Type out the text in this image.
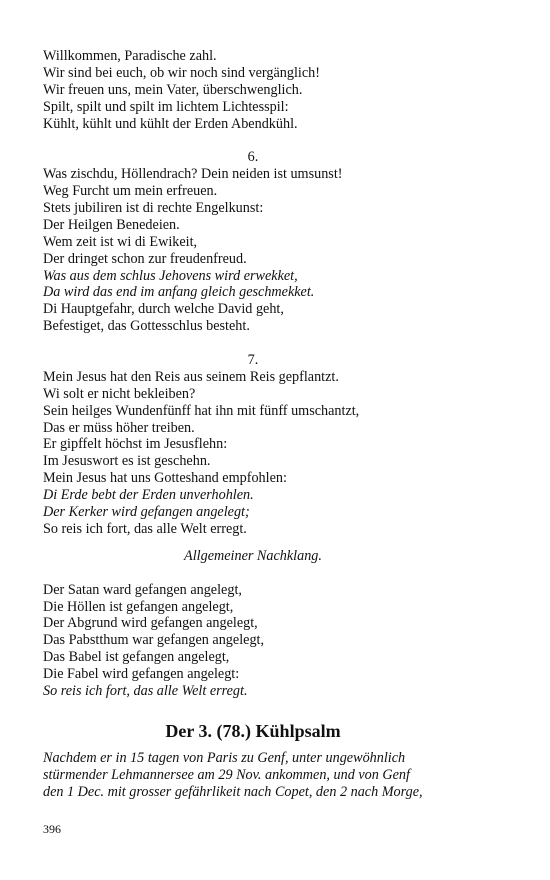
Willkommen, Paradische zahl.
Wir sind bei euch, ob wir noch sind vergänglich!
Wir freuen uns, mein Vater, überschwenglich.
Spilt, spilt und spilt im lichtem Lichtesspil:
Kühlt, kühlt und kühlt der Erden Abendkühl.
6.
Was zischdu, Höllendrach? Dein neiden ist umsunst!
Weg Furcht um mein erfreuen.
Stets jubiliren ist di rechte Engelkunst:
Der Heilgen Benedeien.
Wem zeit ist wi di Ewikeit,
Der dringet schon zur freudenfreud.
Was aus dem schlus Jehovens wird erwekket,
Da wird das end im anfang gleich geschmekket.
Di Hauptgefahr, durch welche David geht,
Befestiget, das Gottesschlus besteht.
7.
Mein Jesus hat den Reis aus seinem Reis gepflantzt.
Wi solt er nicht bekleiben?
Sein heilges Wundenfünff hat ihn mit fünff umschantzt,
Das er müss höher treiben.
Er gipffelt höchst im Jesusflehn:
Im Jesuswort es ist geschehn.
Mein Jesus hat uns Gotteshand empfohlen:
Di Erde bebt der Erden unverhohlen.
Der Kerker wird gefangen angelegt;
So reis ich fort, das alle Welt erregt.
Allgemeiner Nachklang.
Der Satan ward gefangen angelegt,
Die Höllen ist gefangen angelegt,
Der Abgrund wird gefangen angelegt,
Das Pabstthum war gefangen angelegt,
Das Babel ist gefangen angelegt,
Die Fabel wird gefangen angelegt:
So reis ich fort, das alle Welt erregt.
Der 3. (78.) Kühlpsalm
Nachdem er in 15 tagen von Paris zu Genf, unter ungewöhnlich
stürmender Lehmannersee am 29 Nov. ankommen, und von Genf
den 1 Dec. mit grosser gefährlikeit nach Copet, den 2 nach Morge,
396
